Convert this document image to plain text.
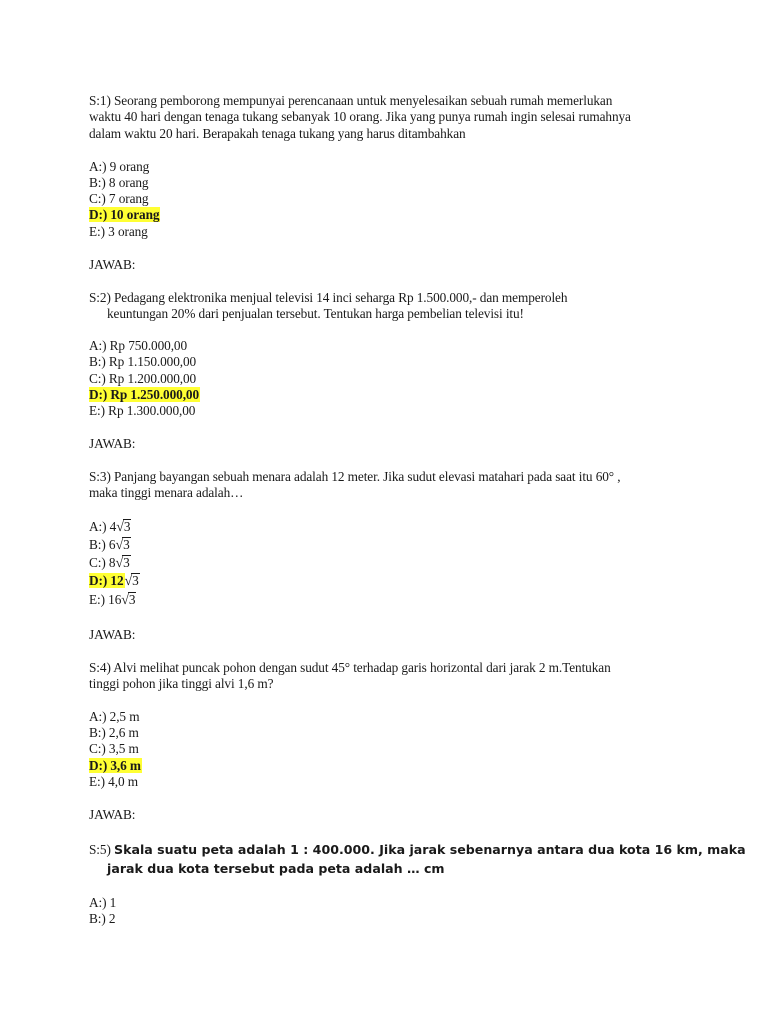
S:1) Seorang pemborong mempunyai perencanaan untuk menyelesaikan sebuah rumah memerlukan
waktu 40 hari dengan tenaga tukang sebanyak 10 orang. Jika yang punya rumah ingin selesai rumahnya
dalam waktu 20 hari. Berapakah tenaga tukang yang harus ditambahkan
A:) 9 orang
B:) 8 orang
C:) 7 orang
D:) 10 orang
E:) 3 orang
JAWAB:
S:2) Pedagang elektronika menjual televisi 14 inci seharga Rp 1.500.000,- dan memperoleh
keuntungan 20% dari penjualan tersebut. Tentukan harga pembelian televisi itu!
A:) Rp 750.000,00
B:) Rp 1.150.000,00
C:) Rp 1.200.000,00
D:) Rp 1.250.000,00
E:) Rp 1.300.000,00
JAWAB:
S:3) Panjang bayangan sebuah menara adalah 12 meter. Jika sudut elevasi matahari pada saat itu 60° ,
maka tinggi menara adalah…
A:) 4√3
B:) 6√3
C:) 8√3
D:) 12√3
E:) 16√3
JAWAB:
S:4) Alvi melihat puncak pohon dengan sudut 45° terhadap garis horizontal dari jarak 2 m.Tentukan
tinggi pohon jika tinggi alvi 1,6 m?
A:) 2,5 m
B:) 2,6 m
C:) 3,5 m
D:) 3,6 m
E:) 4,0 m
JAWAB:
S:5) Skala suatu peta adalah 1 : 400.000. Jika jarak sebenarnya antara dua kota 16 km, maka
jarak dua kota tersebut pada peta adalah … cm
A:) 1
B:) 2
